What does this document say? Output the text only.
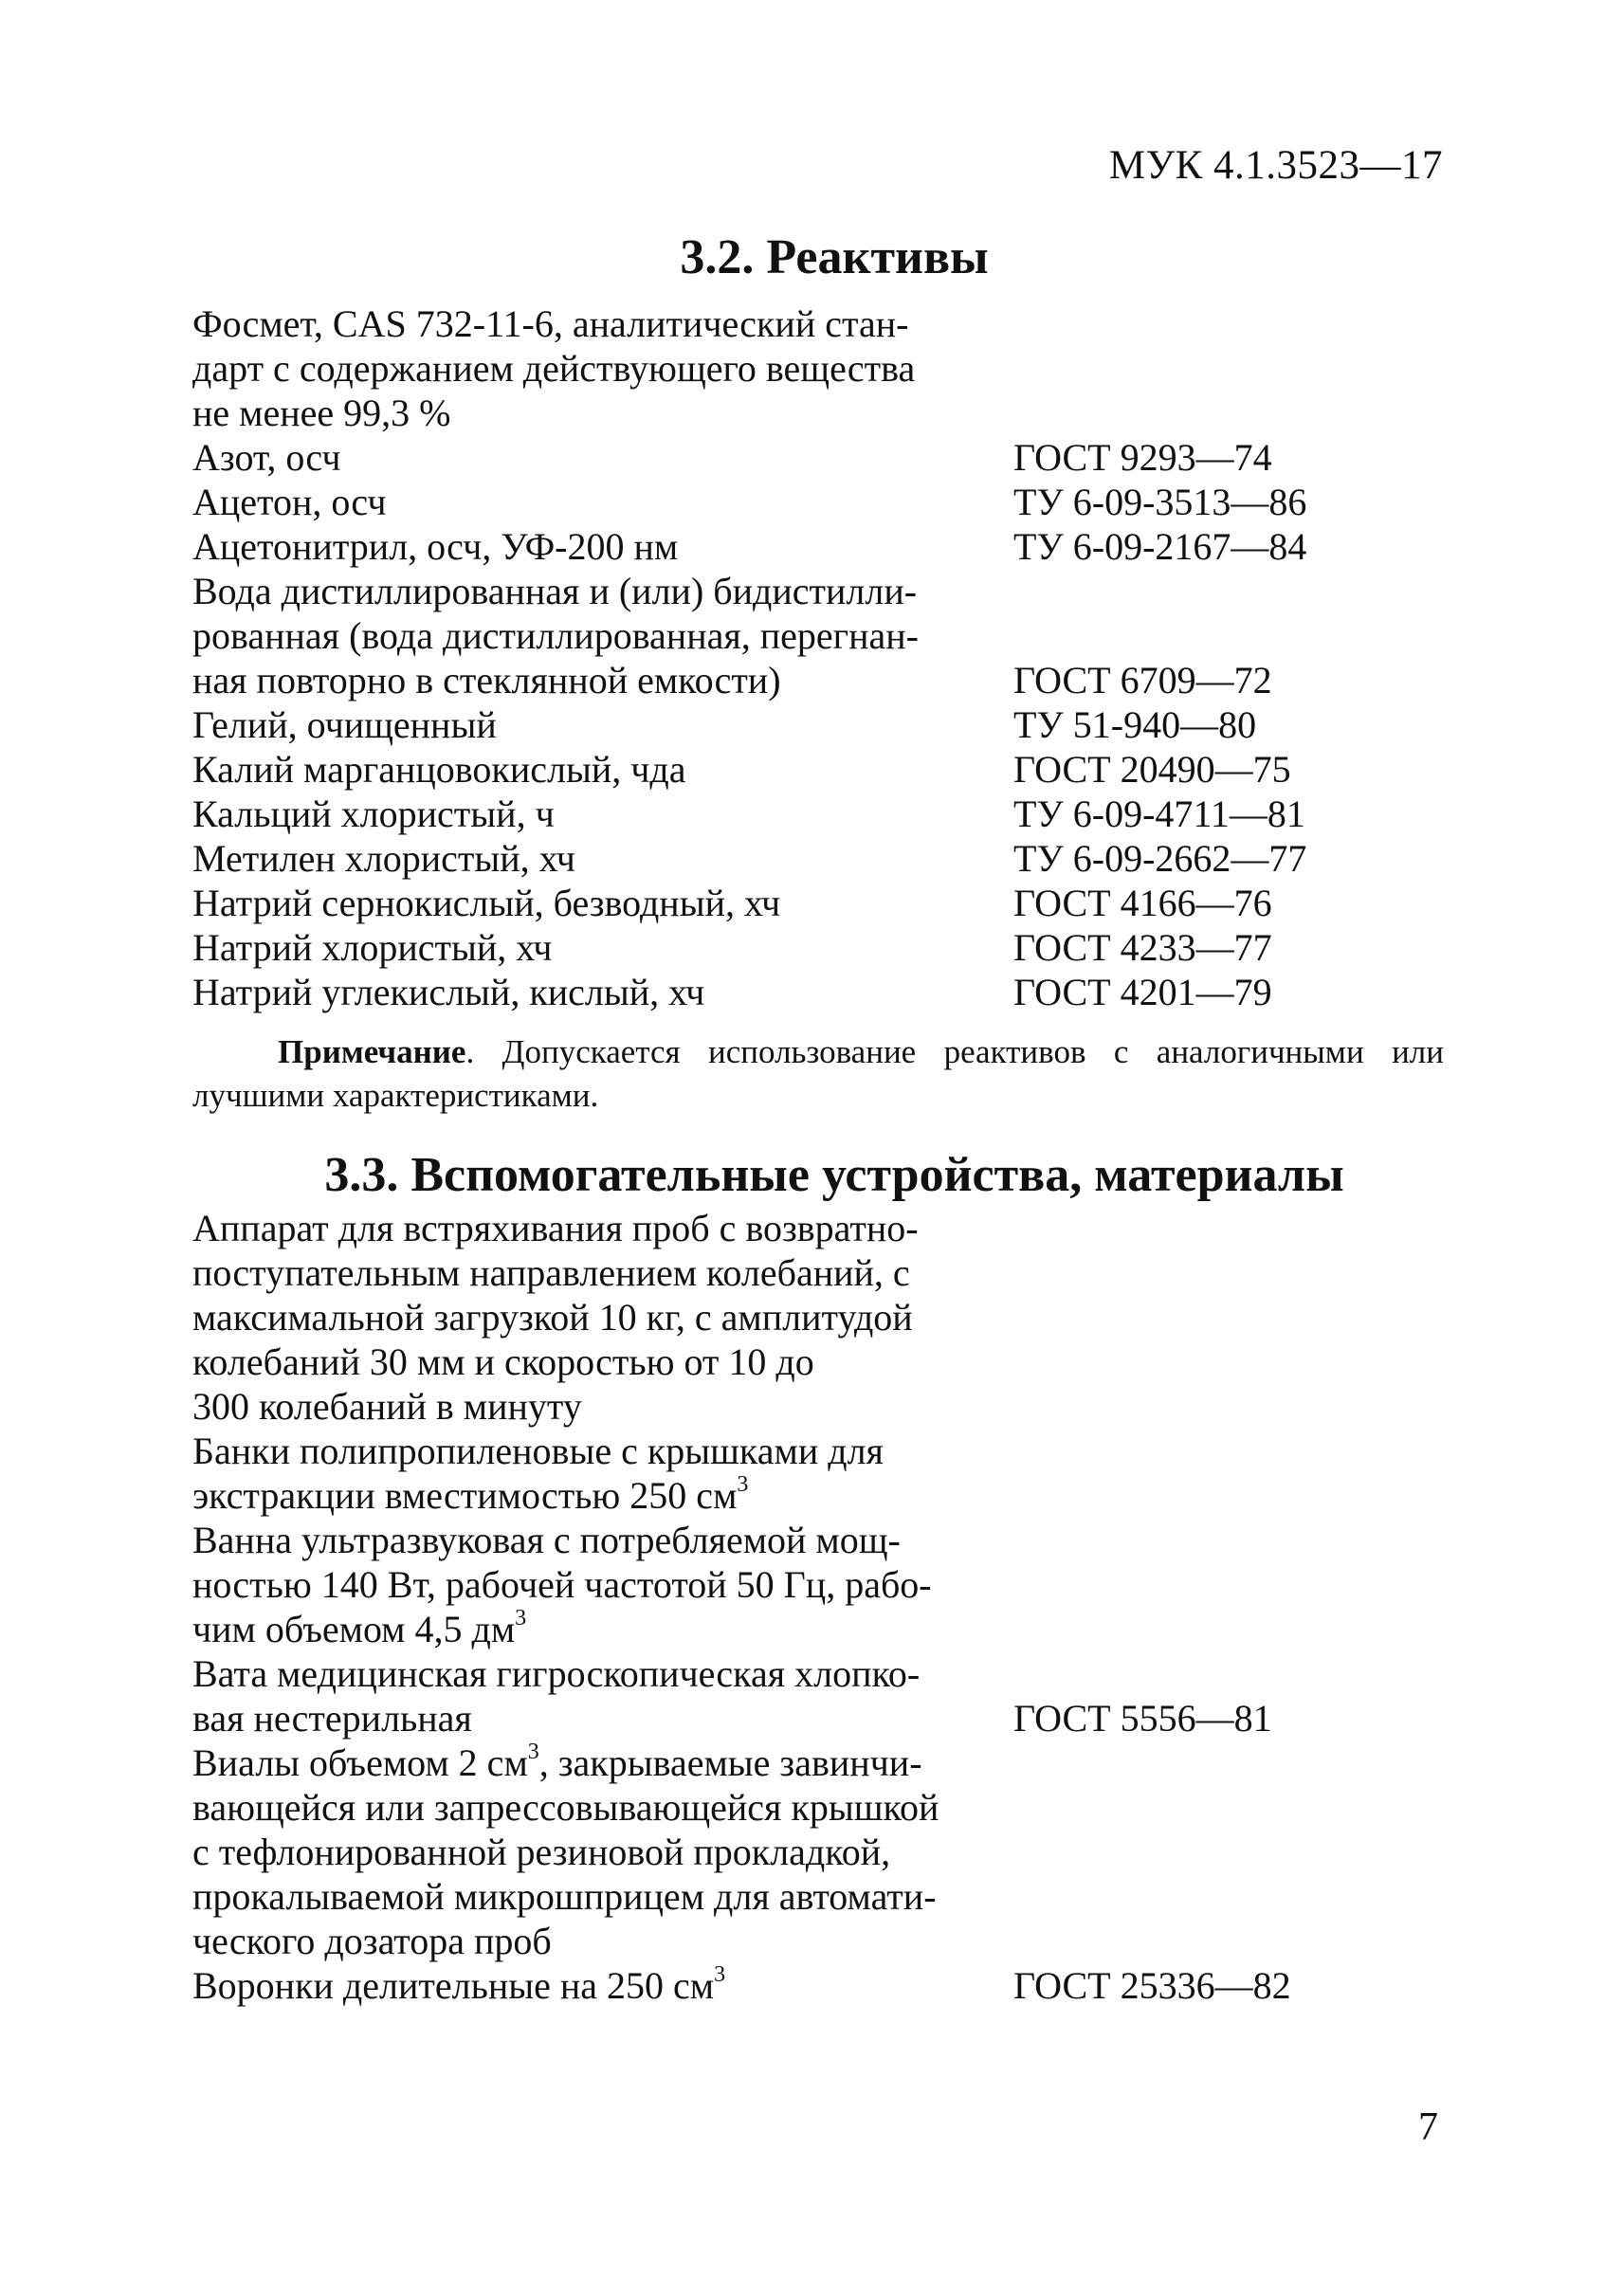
МУК 4.1.3523—17
3.2. Реактивы
Фосмет, CAS 732-11-6, аналитический стан-
дарт с содержанием действующего вещества
не менее 99,3 %
Азот, осч	ГОСТ 9293—74
Ацетон, осч	ТУ 6-09-3513—86
Ацетонитрил, осч, УФ-200 нм	ТУ 6-09-2167—84
Вода дистиллированная и (или) бидистилли-
рованная (вода дистиллированная, перегнан-
ная повторно в стеклянной емкости)	ГОСТ 6709—72
Гелий, очищенный	ТУ 51-940—80
Калий марганцовокислый, чда	ГОСТ 20490—75
Кальций хлористый, ч	ТУ 6-09-4711—81
Метилен хлористый, хч	ТУ 6-09-2662—77
Натрий сернокислый, безводный, хч	ГОСТ 4166—76
Натрий хлористый, хч	ГОСТ 4233—77
Натрий углекислый, кислый, хч	ГОСТ 4201—79
Примечание. Допускается использование реактивов с аналогичными или лучшими характеристиками.
3.3. Вспомогательные устройства, материалы
Аппарат для встряхивания проб с возвратно-
поступательным направлением колебаний, с
максимальной загрузкой 10 кг, с амплитудой
колебаний 30 мм и скоростью от 10 до
300 колебаний в минуту
Банки полипропиленовые с крышками для
экстракции вместимостью 250 $см^3$
Ванна ультразвуковая с потребляемой мощ-
ностью 140 Вт, рабочей частотой 50 Гц, рабо-
чим объемом 4,5 $дм^3$
Вата медицинская гигроскопическая хлопко-
вая нестерильная	ГОСТ 5556—81
Виалы объемом 2 $см^3$, закрываемые завинчи-
вающейся или запрессовывающейся крышкой
с тефлонированной резиновой прокладкой,
прокалываемой микрошприцем для автомати-
ческого дозатора проб
Воронки делительные на 250 $см^3$	ГОСТ 25336—82
7
